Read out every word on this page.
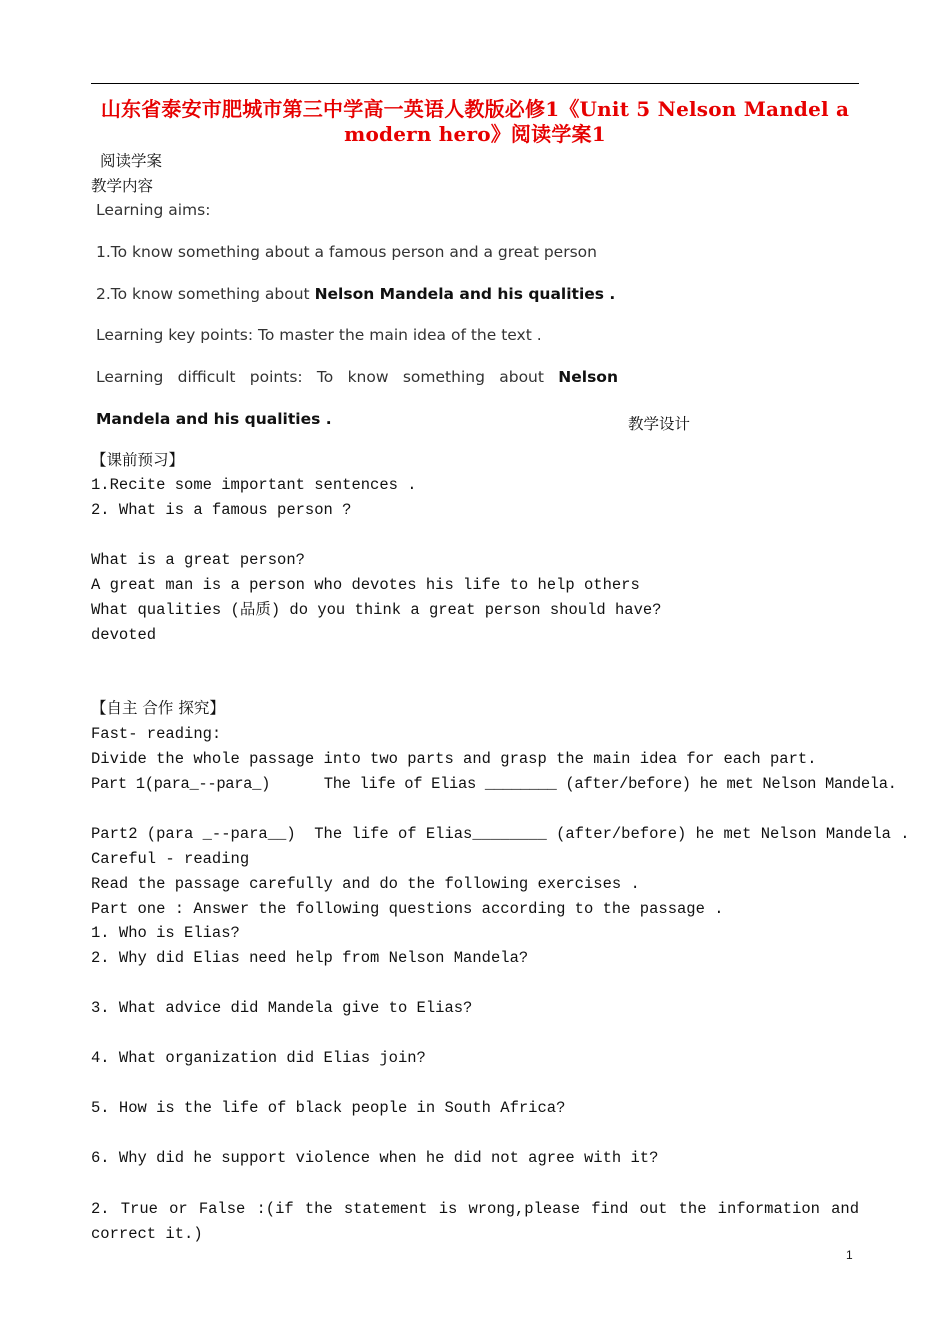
山东省泰安市肥城市第三中学高一英语人教版必修1《Unit 5 Nelson Mandel a modern hero》阅读学案1
阅读学案
教学内容
Learning aims:
1.To know something about a famous person and a great person
2.To know something about Nelson Mandela and his qualities .
Learning key points: To master the main idea of the text .
Learning difficult points: To know something about Nelson
Mandela and his qualities .	教学设计
【课前预习】
1.Recite some important sentences .
2. What is a famous person ?
What is a great person?
A great man is a person who devotes his life to help others
What qualities (品质) do you think a great person should have?
devoted
【自主 合作 探究】
Fast- reading:
Divide the whole passage into two parts and grasp the main idea for each part.
Part 1(para_--para_)      The life of Elias ________ (after/before) he met Nelson Mandela.
Part2 (para _--para__)  The life of Elias________ (after/before) he met Nelson Mandela .
Careful - reading
Read the passage carefully and do the following exercises .
Part one : Answer the following questions according to the passage .
1. Who is Elias?
2. Why did Elias need help from Nelson Mandela?
3. What advice did Mandela give to Elias?
4. What organization did Elias join?
5. How is the life of black people in South Africa?
6. Why did he support violence when he did not agree with it?
2. True or False :(if the statement is wrong,please find out the information and correct it.)
1
